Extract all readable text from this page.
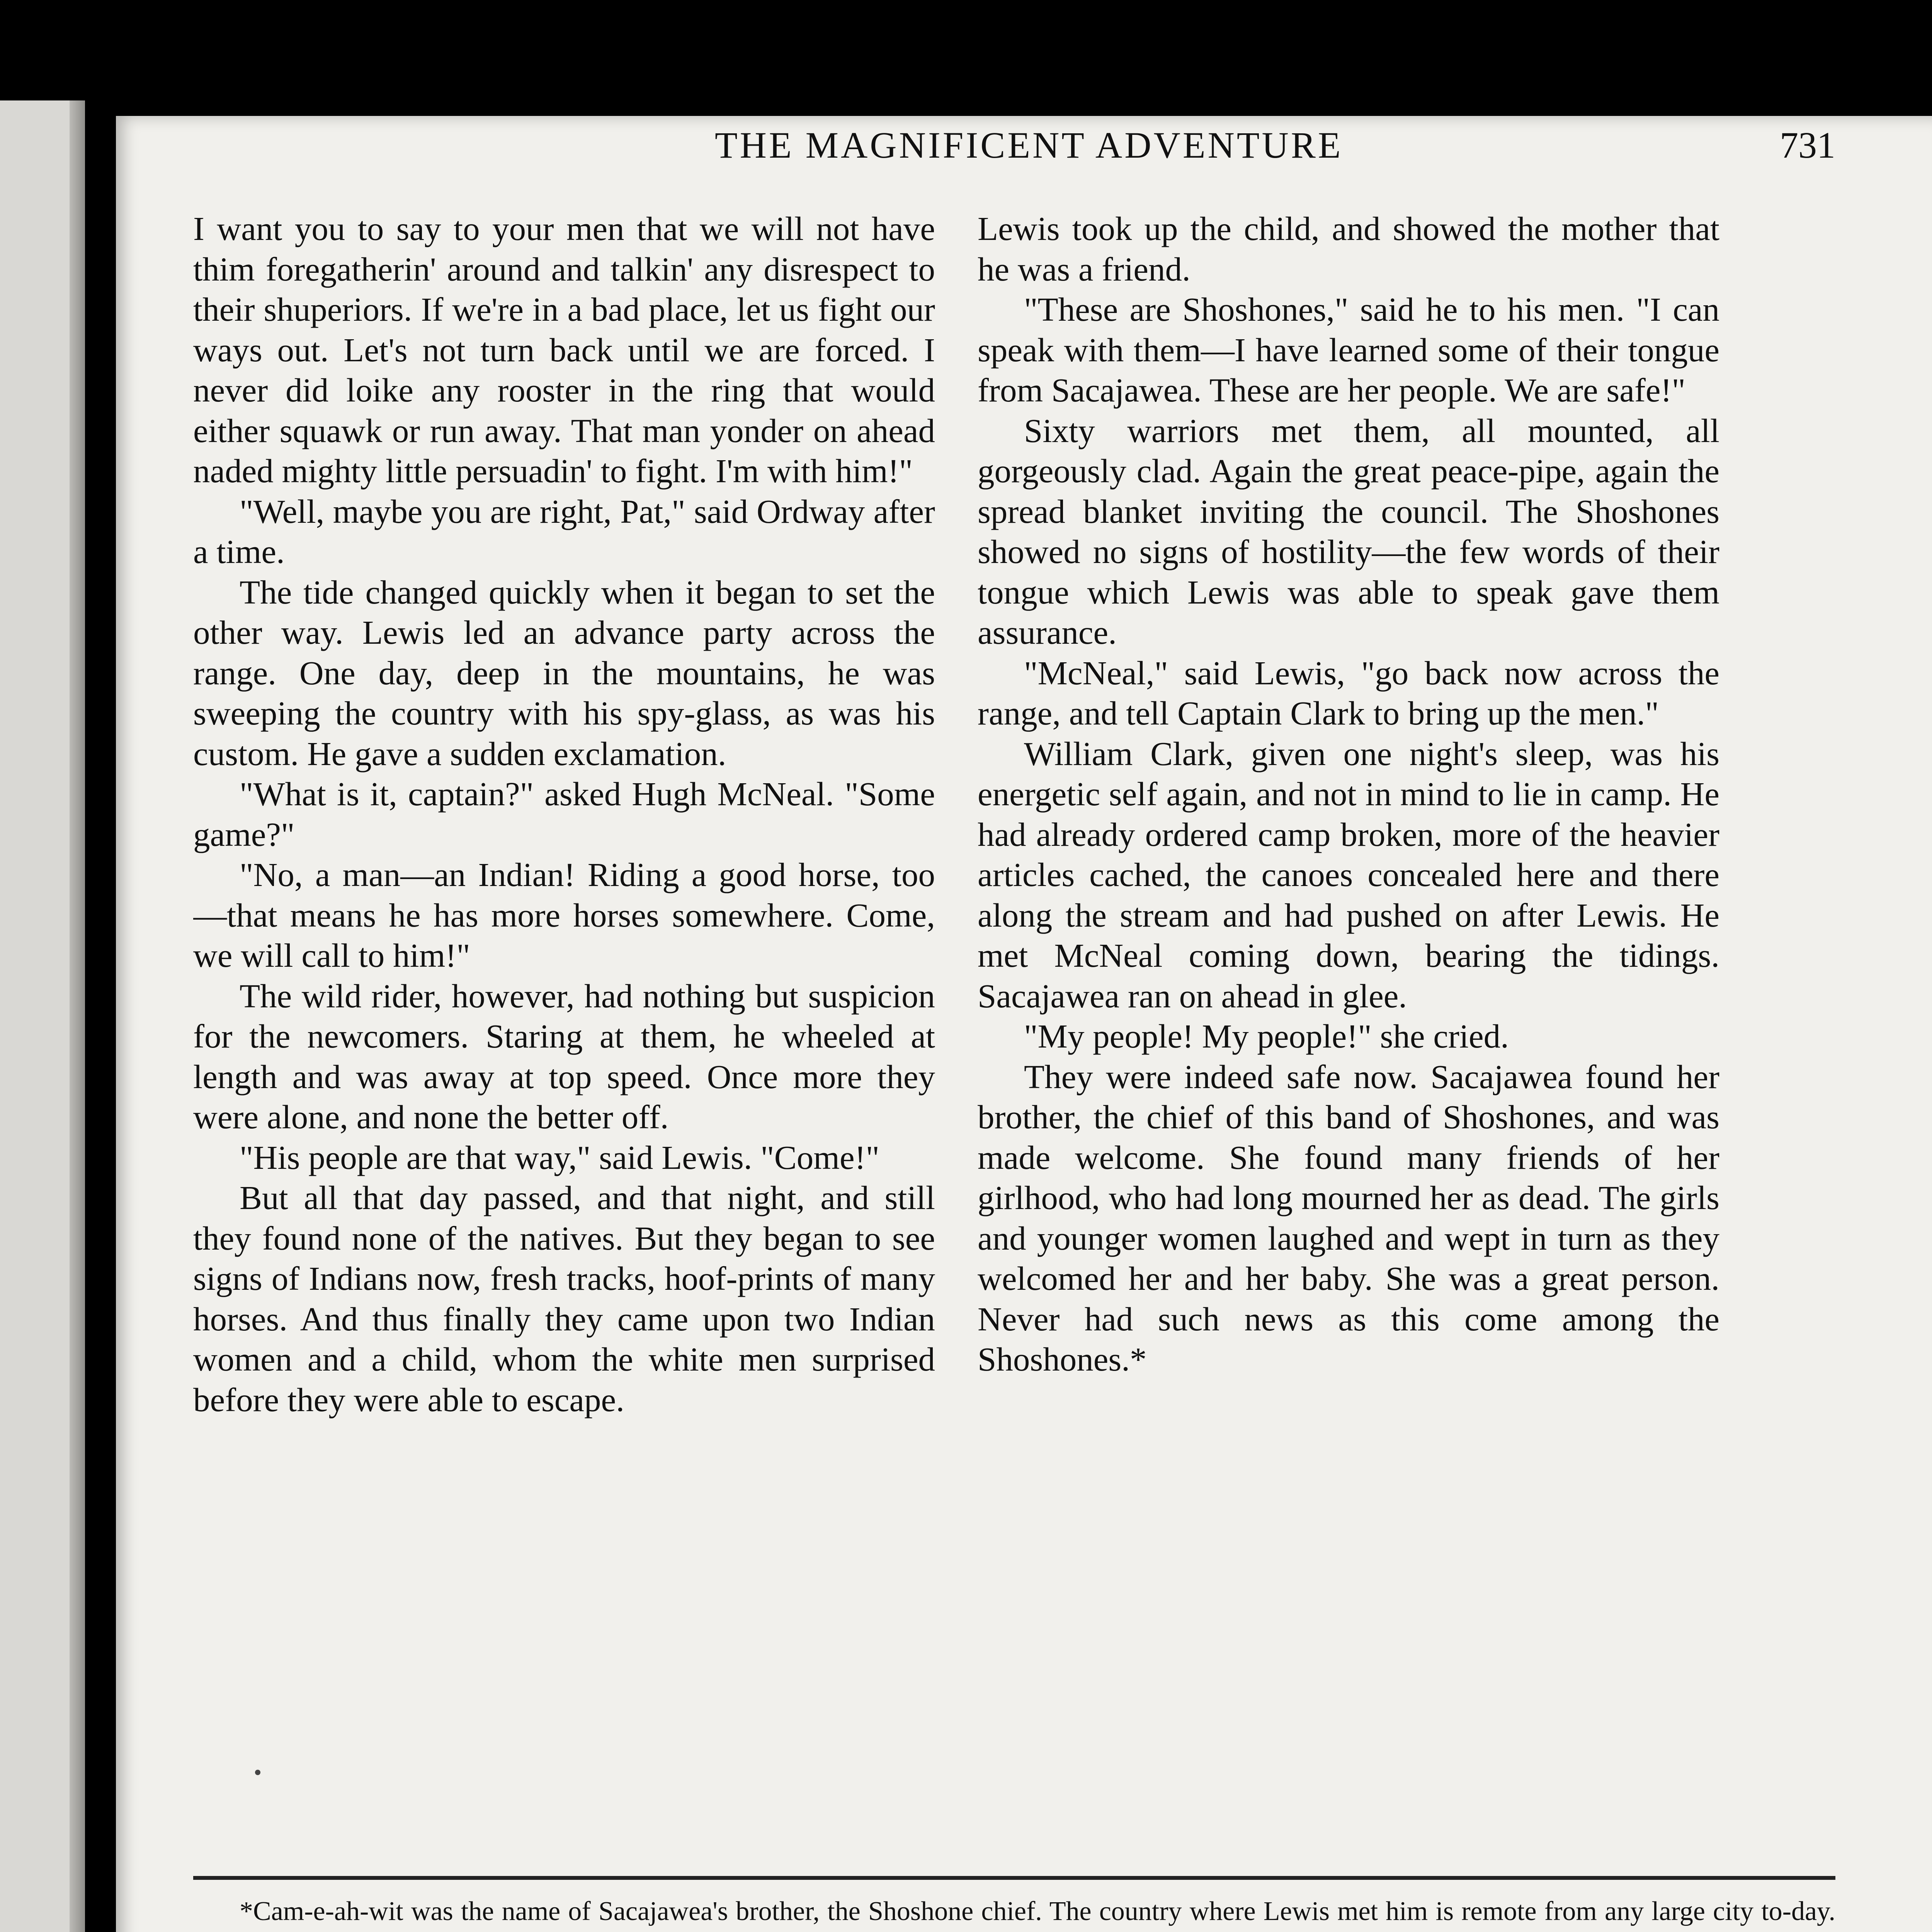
THE MAGNIFICENT ADVENTURE	731

I want you to say to your men that we will not have thim foregatherin' around and talkin' any disrespect to their shuperiors. If we're in a bad place, let us fight our ways out. Let's not turn back until we are forced. I never did loike any rooster in the ring that would either squawk or run away. That man yonder on ahead naded mighty little persuadin' to fight. I'm with him!"

"Well, maybe you are right, Pat," said Ordway after a time.

The tide changed quickly when it began to set the other way. Lewis led an advance party across the range. One day, deep in the mountains, he was sweeping the country with his spy-glass, as was his custom. He gave a sudden exclamation.

"What is it, captain?" asked Hugh McNeal. "Some game?"

"No, a man—an Indian! Riding a good horse, too—that means he has more horses somewhere. Come, we will call to him!"

The wild rider, however, had nothing but suspicion for the newcomers. Staring at them, he wheeled at length and was away at top speed. Once more they were alone, and none the better off.

"His people are that way," said Lewis. "Come!"

But all that day passed, and that night, and still they found none of the natives. But they began to see signs of Indians now, fresh tracks, hoof-prints of many horses. And thus finally they came upon two Indian women and a child, whom the white men surprised before they were able to escape.

Lewis took up the child, and showed the mother that he was a friend.

"These are Shoshones," said he to his men. "I can speak with them—I have learned some of their tongue from Sacajawea. These are her people. We are safe!"

Sixty warriors met them, all mounted, all gorgeously clad. Again the great peace-pipe, again the spread blanket inviting the council. The Shoshones showed no signs of hostility—the few words of their tongue which Lewis was able to speak gave them assurance.

"McNeal," said Lewis, "go back now across the range, and tell Captain Clark to bring up the men."

William Clark, given one night's sleep, was his energetic self again, and not in mind to lie in camp. He had already ordered camp broken, more of the heavier articles cached, the canoes concealed here and there along the stream and had pushed on after Lewis. He met McNeal coming down, bearing the tidings. Sacajawea ran on ahead in glee.

"My people! My people!" she cried.

They were indeed safe now. Sacajawea found her brother, the chief of this band of Shoshones, and was made welcome. She found many friends of her girlhood, who had long mourned her as dead. The girls and younger women laughed and wept in turn as they welcomed her and her baby. She was a great person. Never had such news as this come among the Shoshones.*

*Cam-e-ah-wit was the name of Sacajawea's brother, the Shoshone chief. The country where Lewis met him is remote from any large city to-day.
